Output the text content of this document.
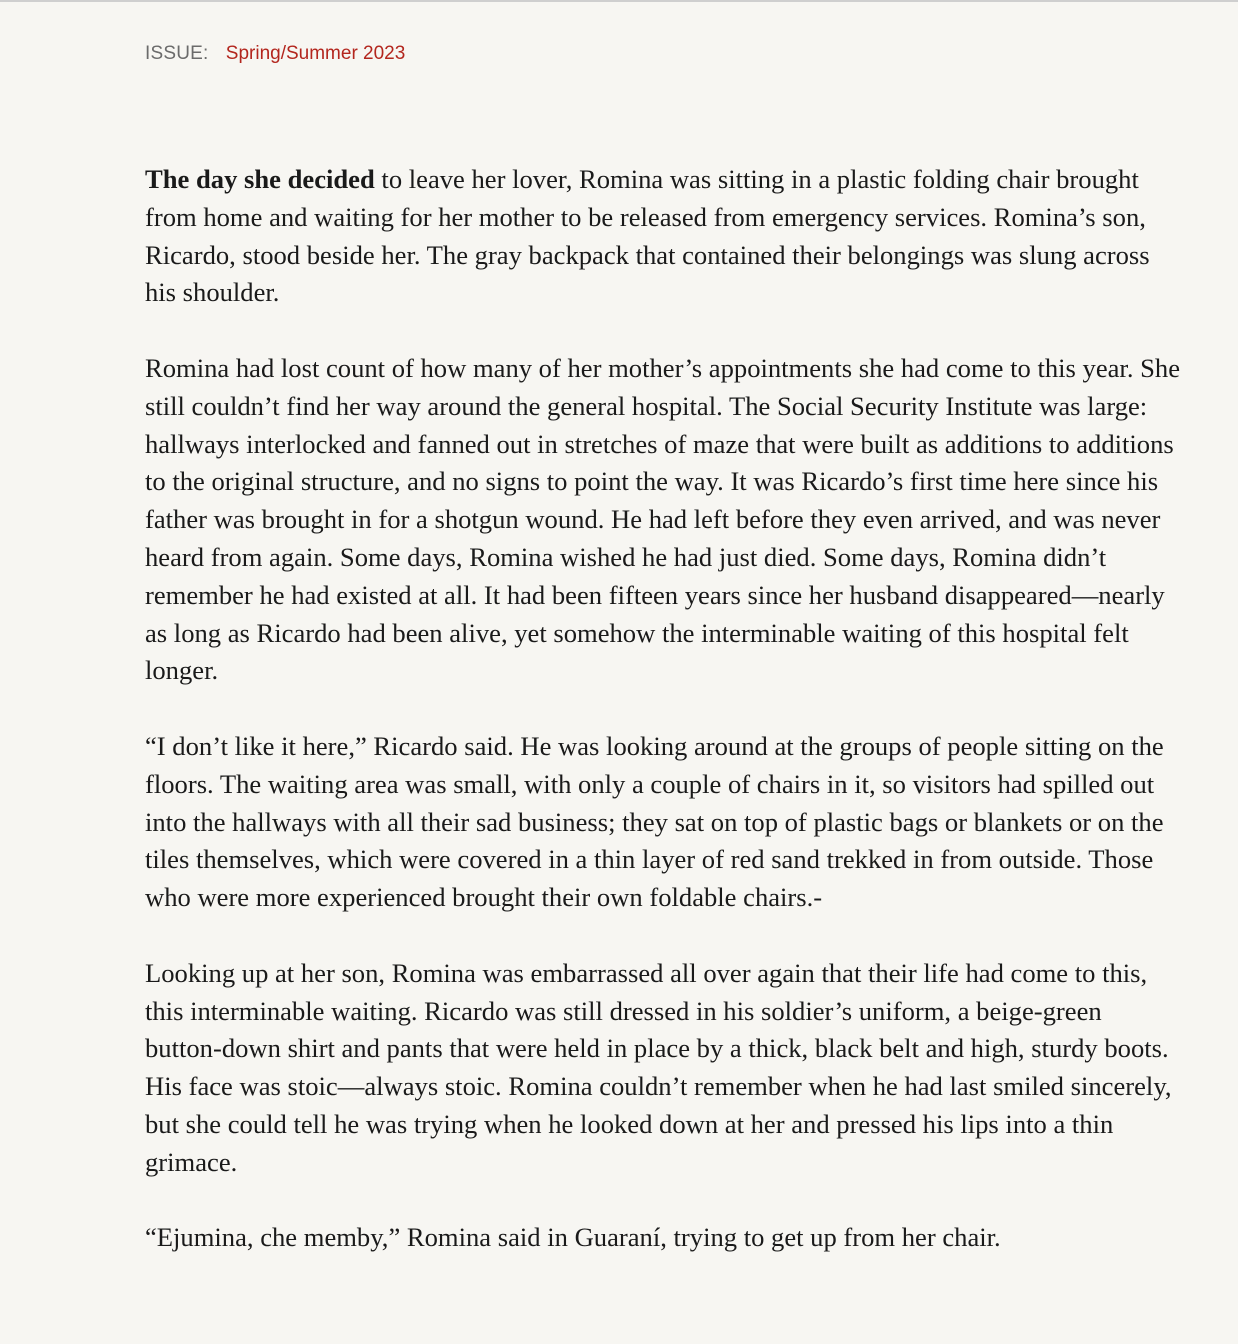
ISSUE: Spring/Summer 2023

The day she decided to leave her lover, Romina was sitting in a plastic folding chair brought from home and waiting for her mother to be released from emergency services. Romina’s son, Ricardo, stood beside her. The gray backpack that contained their belongings was slung across his shoulder.

Romina had lost count of how many of her mother’s appointments she had come to this year. She still couldn’t find her way around the general hospital. The Social Security Institute was large: hallways interlocked and fanned out in stretches of maze that were built as additions to additions to the original structure, and no signs to point the way. It was Ricardo’s first time here since his father was brought in for a shotgun wound. He had left before they even arrived, and was never heard from again. Some days, Romina wished he had just died. Some days, Romina didn’t remember he had existed at all. It had been fifteen years since her husband disappeared—nearly as long as Ricardo had been alive, yet somehow the interminable waiting of this hospital felt longer.

“I don’t like it here,” Ricardo said. He was looking around at the groups of people sitting on the floors. The waiting area was small, with only a couple of chairs in it, so visitors had spilled out into the hallways with all their sad business; they sat on top of plastic bags or blankets or on the tiles themselves, which were covered in a thin layer of red sand trekked in from outside. Those who were more experienced brought their own foldable chairs.-

Looking up at her son, Romina was embarrassed all over again that their life had come to this, this interminable waiting. Ricardo was still dressed in his soldier’s uniform, a beige-green button-down shirt and pants that were held in place by a thick, black belt and high, sturdy boots. His face was stoic—always stoic. Romina couldn’t remember when he had last smiled sincerely, but she could tell he was trying when he looked down at her and pressed his lips into a thin grimace.

“Ejumina, che memby,” Romina said in Guaraní, trying to get up from her chair.
